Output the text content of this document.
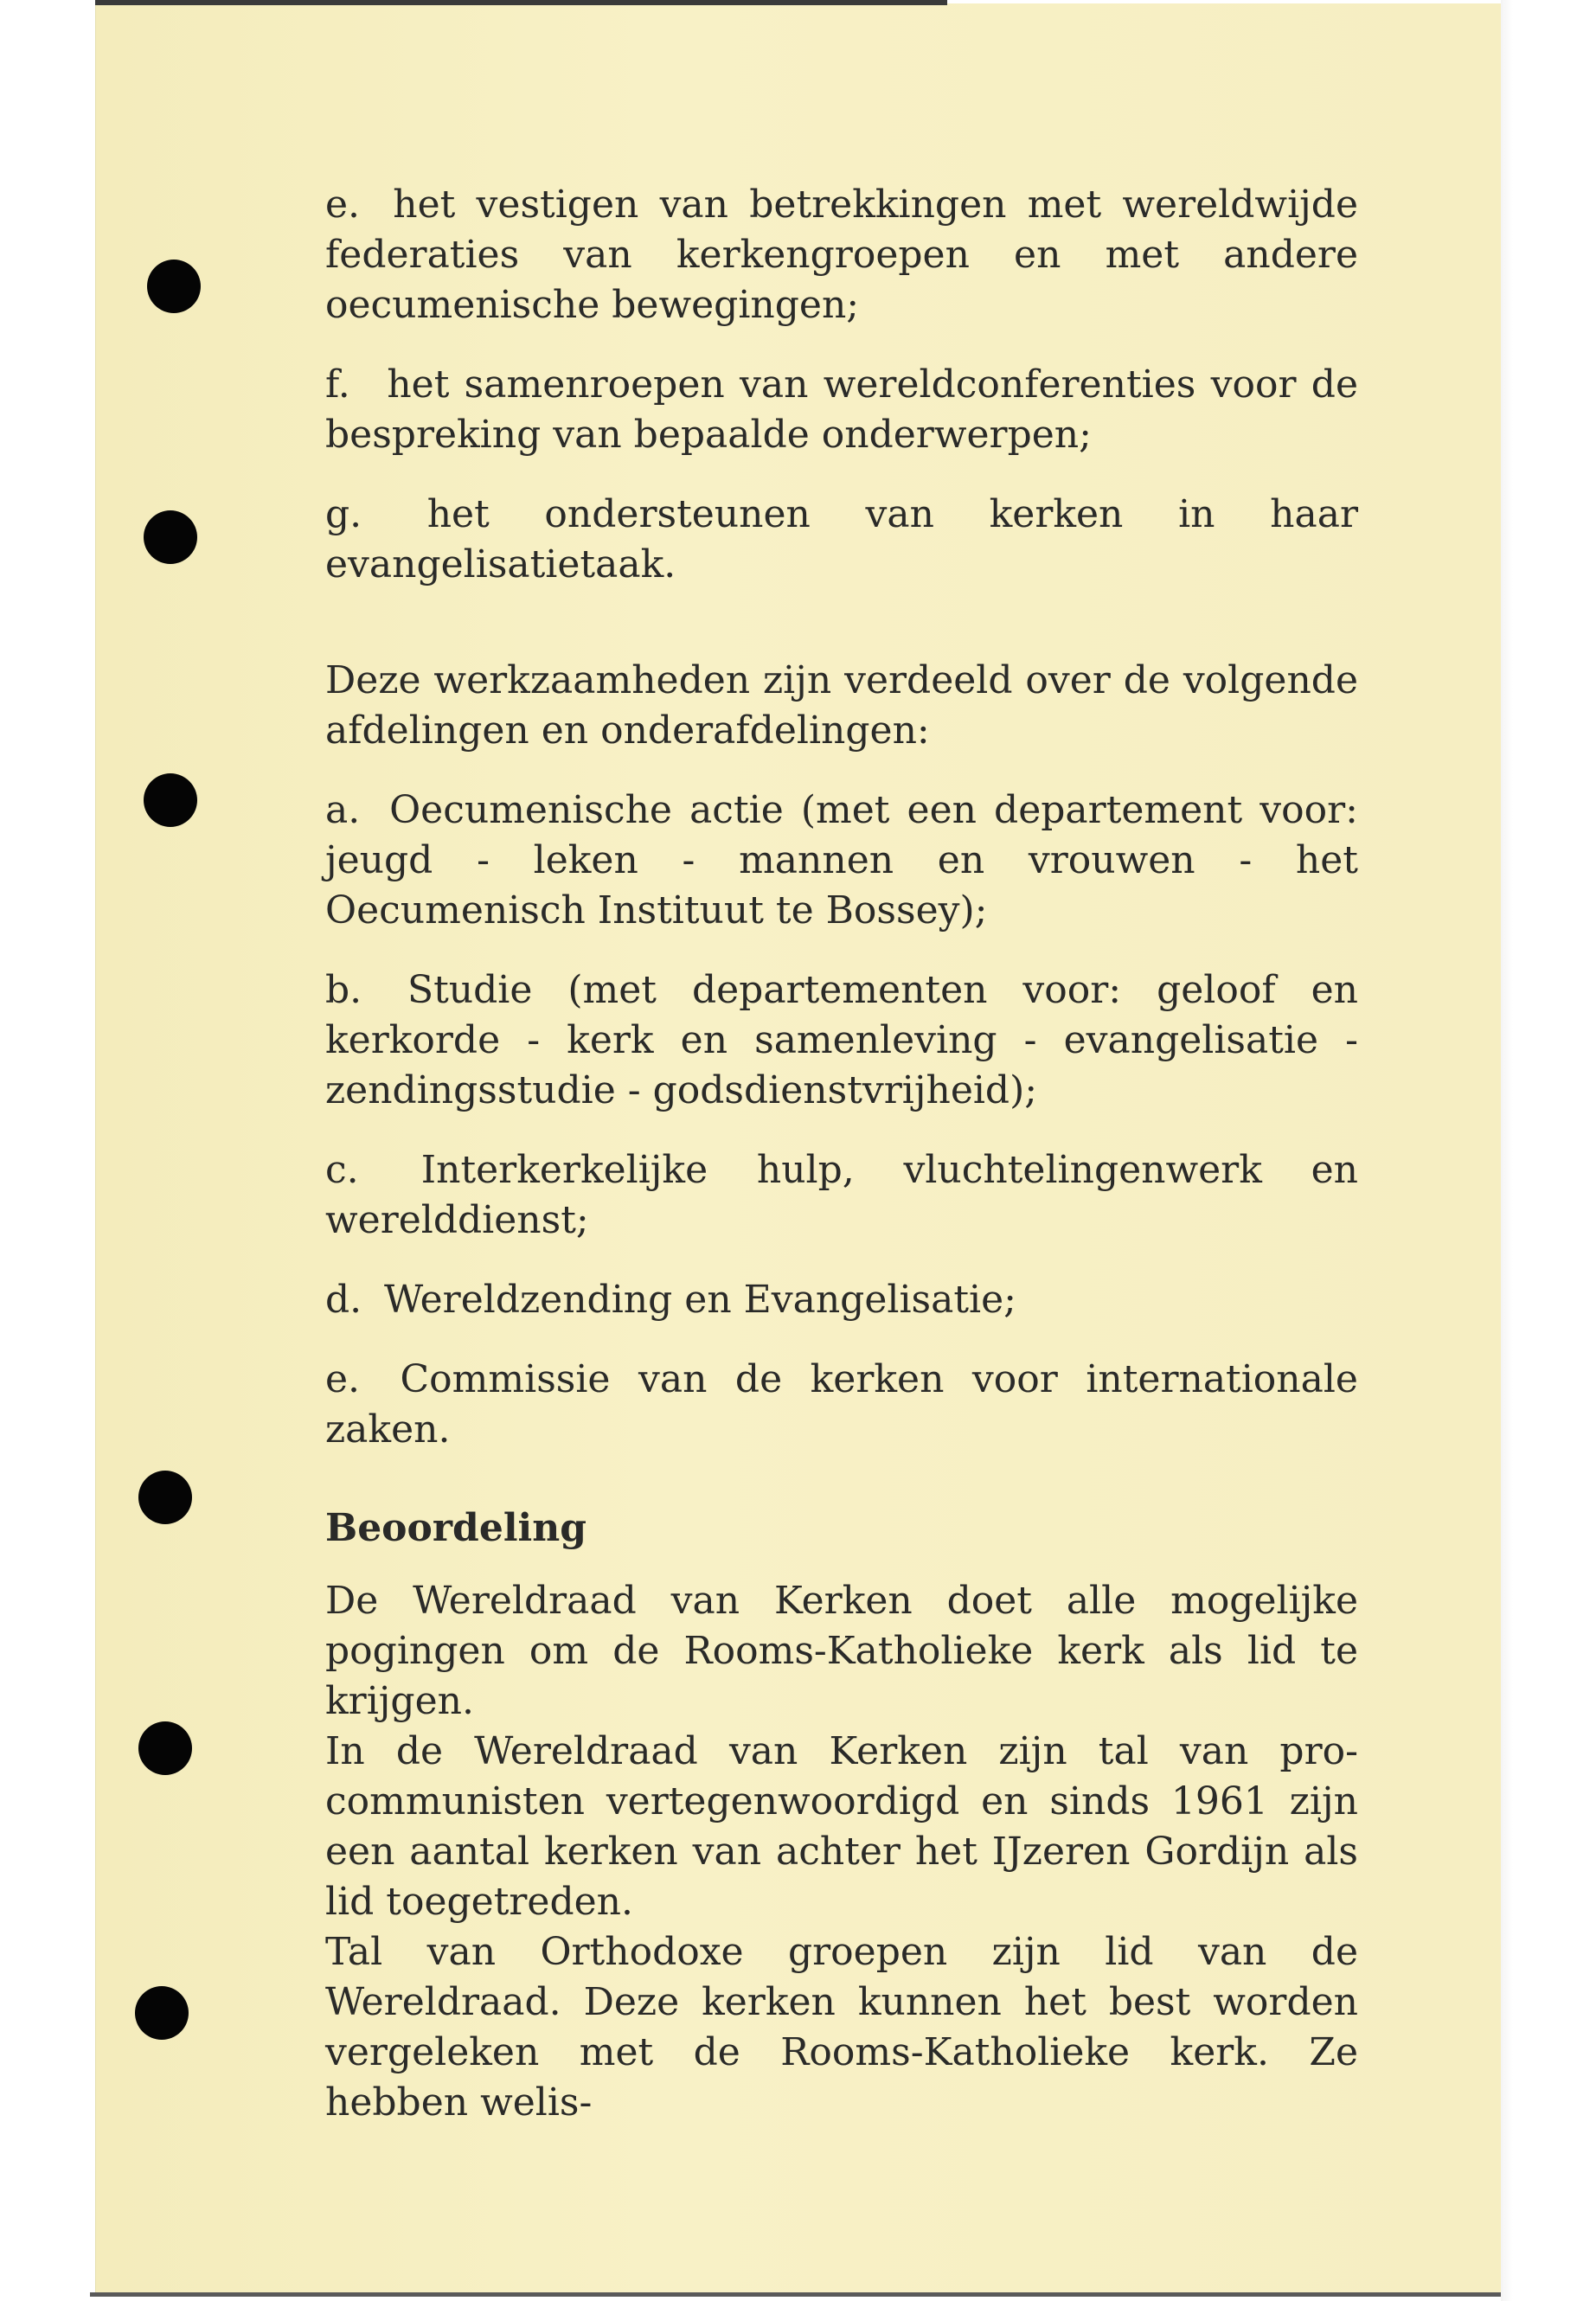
e. het vestigen van betrekkingen met wereldwijde federaties van kerkengroepen en met andere oecumenische bewegingen;
f. het samenroepen van wereldconferenties voor de bespreking van bepaalde onderwerpen;
g. het ondersteunen van kerken in haar evangelisatietaak.
Deze werkzaamheden zijn verdeeld over de volgende afdelingen en onderafdelingen:
a. Oecumenische actie (met een departement voor: jeugd - leken - mannen en vrouwen - het Oecumenisch Instituut te Bossey);
b. Studie (met departementen voor: geloof en kerkorde - kerk en samenleving - evangelisatie - zendingsstudie - godsdienstvrijheid);
c. Interkerkelijke hulp, vluchtelingenwerk en werelddienst;
d. Wereldzending en Evangelisatie;
e. Commissie van de kerken voor internationale zaken.
Beoordeling

De Wereldraad van Kerken doet alle mogelijke pogingen om de Rooms-Katholieke kerk als lid te krijgen.

In de Wereldraad van Kerken zijn tal van pro-communisten vertegenwoordigd en sinds 1961 zijn een aantal kerken van achter het IJzeren Gordijn als lid toegetreden.

Tal van Orthodoxe groepen zijn lid van de Wereldraad. Deze kerken kunnen het best worden vergeleken met de Rooms-Katholieke kerk. Ze hebben welis-
